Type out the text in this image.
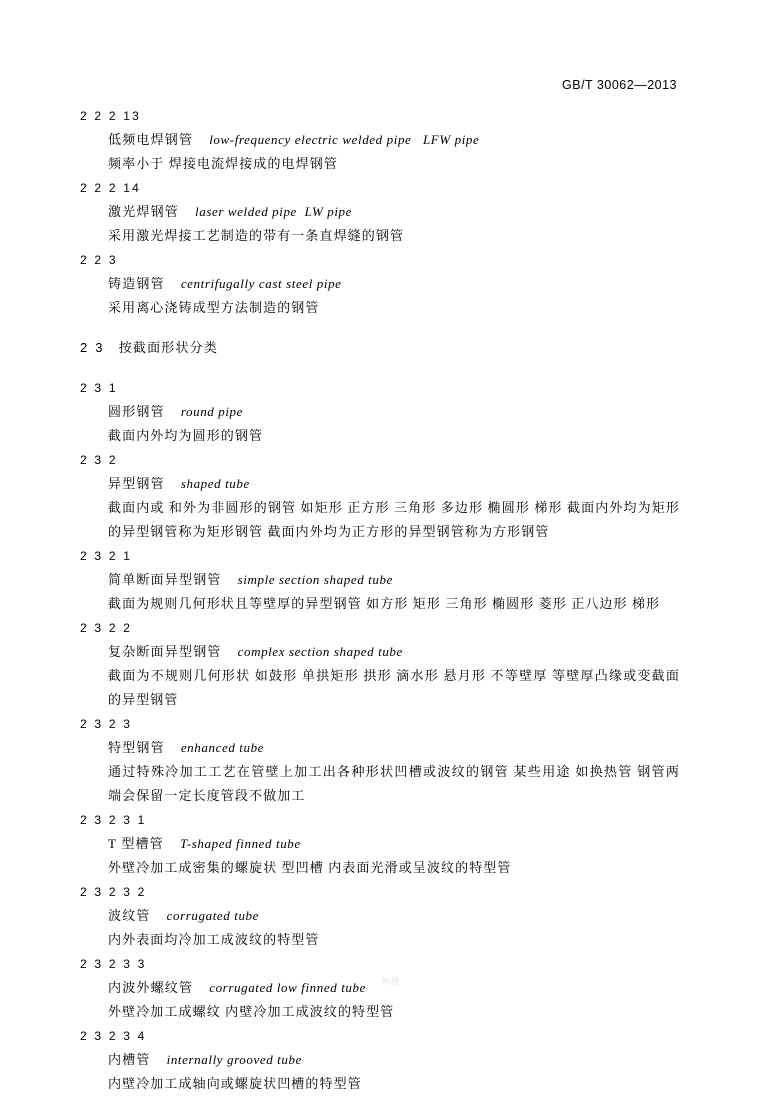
GB/T 30062—2013

2 2 2 13

低频电焊钢管 low-frequency electric welded pipe   LFW pipe

频率小于 焊接电流焊接成的电焊钢管

2 2 2 14

激光焊钢管 laser welded pipe  LW pipe

采用激光焊接工艺制造的带有一条直焊缝的钢管

2 2 3

铸造钢管 centrifugally cast steel pipe

采用离心浇铸成型方法制造的钢管

2 3 按截面形状分类

2 3 1

圆形钢管 round pipe

截面内外均为圆形的钢管

2 3 2

异型钢管 shaped tube

截面内或 和外为非圆形的钢管 如矩形 正方形 三角形 多边形 椭圆形 梯形 截面内外均为矩形的异型钢管称为矩形钢管 截面内外均为正方形的异型钢管称为方形钢管

2 3 2 1

简单断面异型钢管 simple section shaped tube

截面为规则几何形状且等壁厚的异型钢管 如方形 矩形 三角形 椭圆形 菱形 正八边形 梯形

2 3 2 2

复杂断面异型钢管 complex section shaped tube

截面为不规则几何形状 如鼓形 单拱矩形 拱形 滴水形 悬月形 不等壁厚 等壁厚凸缘或变截面的异型钢管

2 3 2 3

特型钢管 enhanced tube

通过特殊冷加工工艺在管壁上加工出各种形状凹槽或波纹的钢管 某些用途 如换热管 钢管两端会保留一定长度管段不做加工

2 3 2 3 1

T 型槽管 T-shaped finned tube

外壁冷加工成密集的螺旋状 型凹槽 内表面光滑或呈波纹的特型管

2 3 2 3 2

波纹管 corrugated tube

内外表面均冷加工成波纹的特型管

2 3 2 3 3

内波外螺纹管 corrugated low finned tube

外壁冷加工成螺纹 内壁冷加工成波纹的特型管

2 3 2 3 4

内槽管 internally grooved tube

内壁冷加工成轴向或螺旋状凹槽的特型管

标准
